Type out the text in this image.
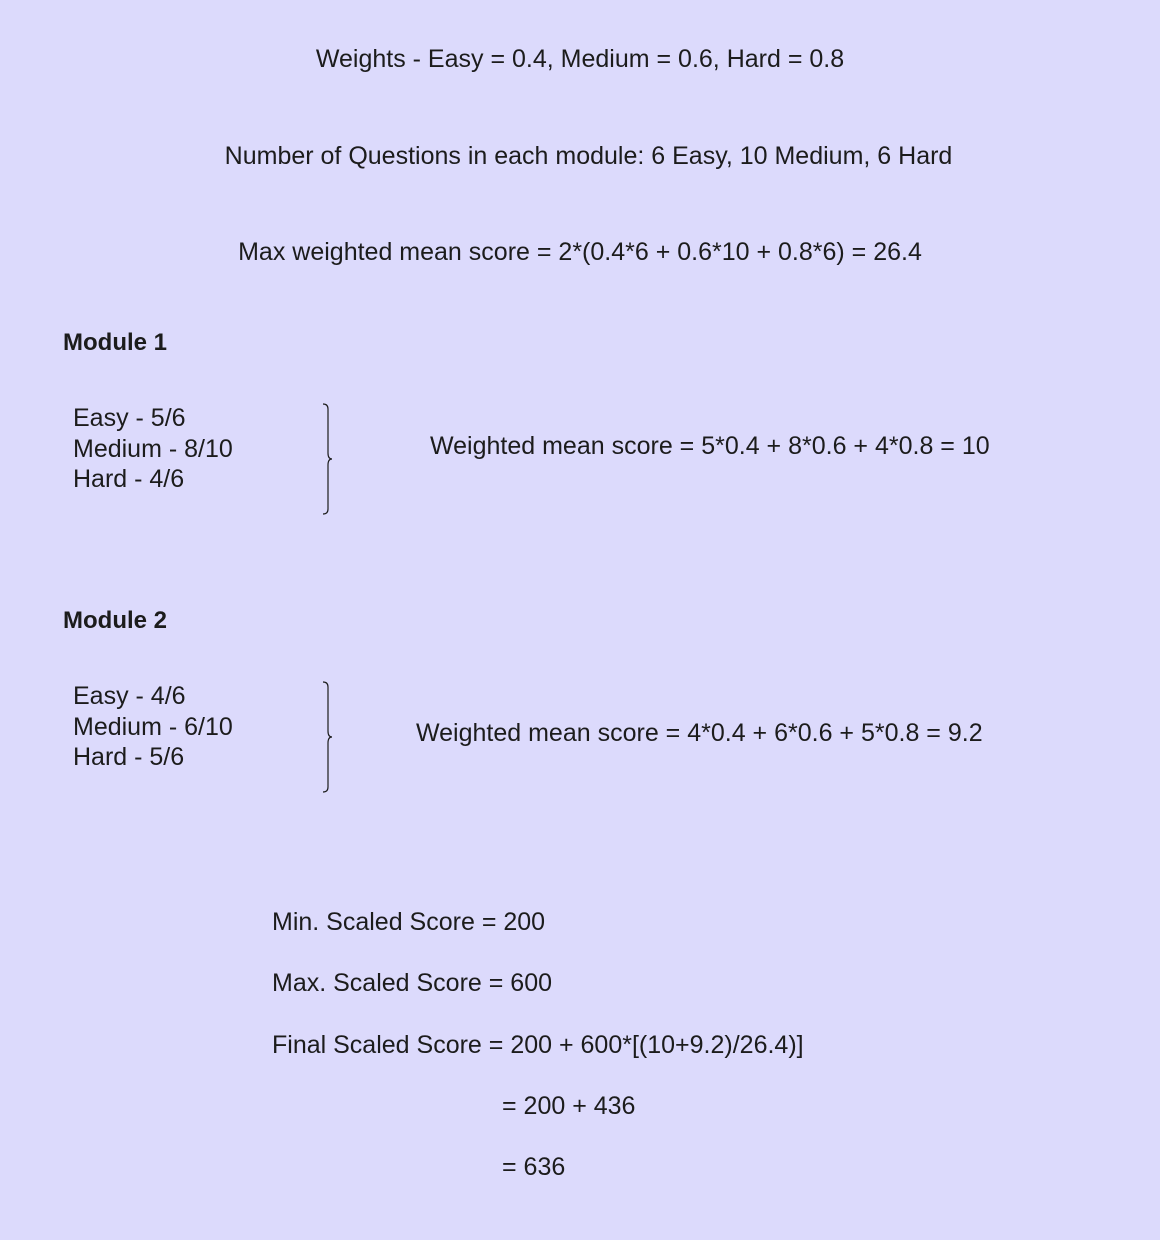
Weights - Easy = 0.4, Medium = 0.6, Hard = 0.8
Number of Questions in each module: 6 Easy, 10 Medium, 6 Hard
Max weighted mean score = 2*(0.4*6 + 0.6*10 + 0.8*6) = 26.4
Module 1
Easy - 5/6
Medium - 8/10
Hard - 4/6
Weighted mean score = 5*0.4 + 8*0.6 + 4*0.8 = 10
Module 2
Easy - 4/6
Medium - 6/10
Hard - 5/6
Weighted mean score = 4*0.4 + 6*0.6 + 5*0.8 = 9.2
Min. Scaled Score = 200
Max. Scaled Score = 600
Final Scaled Score = 200 + 600*[(10+9.2)/26.4)]
= 200 + 436
= 636
